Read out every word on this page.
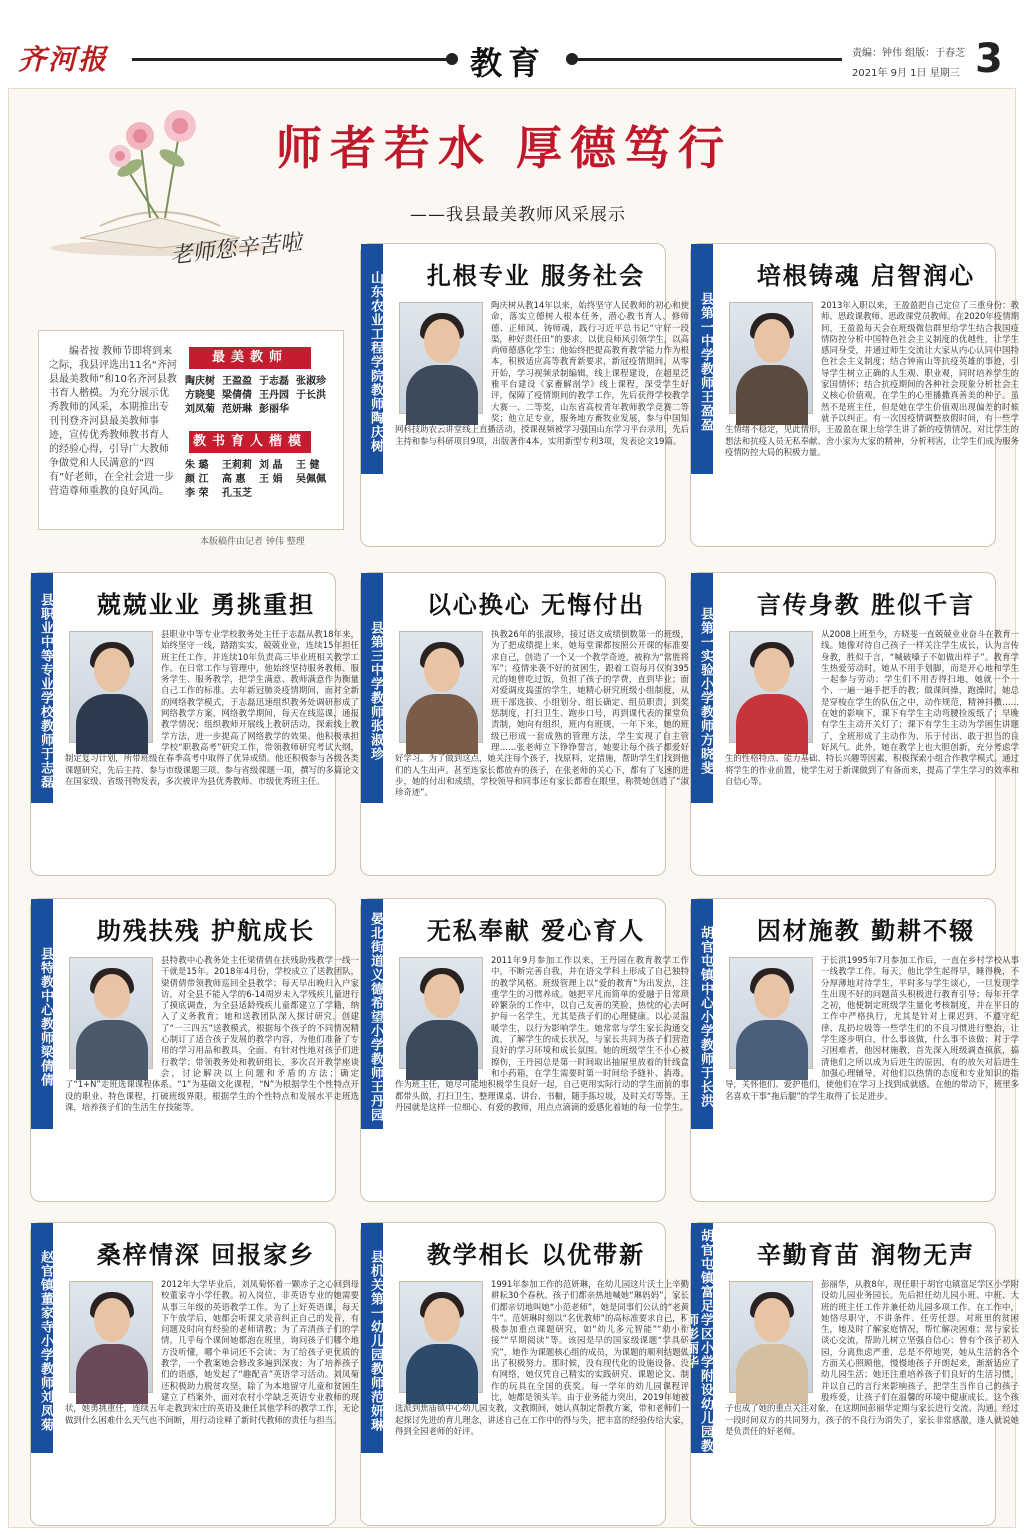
齐河报	教育	责编：钟伟 组版：于春芝
2021年 9月 1日 星期三 3
老师您辛苦啦
师者若水 厚德笃行
——我县最美教师风采展示
编者按 教师节即将到来之际，我县评选出11名“齐河县最美教师”和10名齐河县教书育人楷模。为充分展示优秀教师的风采，本期推出专刊刊登齐河县最美教师事迹，宣传优秀教师教书育人的经验心得，引导广大教师争做党和人民满意的“四有”好老师，在全社会进一步营造尊师重教的良好风尚。
最美教师
陶庆树 王盈盈 于志磊 张淑珍方晓斐 梁倩倩 王丹园 于长洪刘凤菊 范妍琳 彭丽华
教书育人楷模
朱 璐 王莉莉 刘 晶 王 健颜 江 高 惠 王 娟 吴佩佩李 荣 孔玉芝
本版稿件由记者 钟伟 整理
山东农业工程学院教师陶庆树	扎根专业 服务社会
陶庆树从教14年以来，始终坚守人民教师的初心和使命，落实立德树人根本任务，潜心教书育人，修师德、正师风、铸师魂，践行习近平总书记“守好一段渠，种好责任田”的要求，以优良师风引领学生，以高尚师德感化学生；他始终把提高教育教学能力作为根本，积极适应高等教育新要求，新冠疫情期间，从零开始，学习视频录制编辑，线上课程建设，在超星泛雅平台建设《家畜解剖学》线上课程，深受学生好评，保障了疫情期间的教学工作，先后获得学校教学大赛一、二等奖，山东省高校青年教师教学竞赛二等奖；他立足专业，服务地方畜牧业发展，参与中国知网科技助农云讲堂线上直播活动，授课视频被学习强国山东学习平台录用，先后主持和参与科研项目9项，出版著作4本，实用新型专利3项，发表论文19篇。
县第一中学教师王盈盈
培根铸魂 启智润心
2013年入职以来，王盈盈把自己定位了三重身份：教师、思政课教师、思政课党员教师。在2020年疫情期间，王盈盈每天会在班级微信群里给学生结合我国疫情防控分析中国特色社会主义制度的优越性，让学生感同身受，并通过师生交流让大家从内心认同中国特色社会主义制度；结合钟南山等抗疫英雄的事迹，引导学生树立正确的人生观、职业观，同时培养学生的家国情怀；结合抗疫期间的各种社会现象分析社会主义核心价值观，在学生的心里播撒真善美的种子。虽然不是班主任，但是她在学生价值观出现偏差的时候就予以纠正。有一次因疫情调整放假时间，有一些学生情绪不稳定，见此情形，王盈盈在课上给学生讲了新的疫情情况，对比学生的想法和抗疫人员无私奉献、舍小家为大家的精神，分析利害，让学生们成为服务疫情防控大局的积极力量。
县职业中等专业学校教师于志磊	兢兢业业 勇挑重担
县职业中等专业学校教务处主任于志磊从教18年来，始终坚守一线，踏踏实实，兢兢业业，连续15年担任班主任工作，并连续10年负责高三毕业班相关教学工作。在日常工作与管理中，他始终坚持服务教师、服务学生、服务教学，把学生满意、教师满意作为衡量自己工作的标准。去年新冠肺炎疫情期间，面对全新的网络教学模式，于志磊迅速组织教务处调研形成了网络教学方案，网络教学期间，每天在线巡课，通报教学情况；组织教师开展线上教研活动，探索线上教学方法，进一步提高了网络教学的效果。他积极承担学校“职教高考”研究工作，带领教师研究考试大纲，制定复习计划，所带班级在春季高考中取得了优异成绩。他还积极参与各级各类课题研究，先后主持、参与市级课题三项、参与省级课题一项，撰写的多篇论文在国家级、省级刊物发表，多次被评为县优秀教师、市级优秀班主任。
县第三中学教师张淑珍
以心换心 无悔付出
执教26年的张淑珍，接过语文成绩倒数第一的班级，为了把成绩提上来，她每堂课都按照公开课的标准要求自己，创造了一个又一个教学奇迹，被称为“常胜将军”；疫情来袭不好的贫困生，跟着工资每月仅有395元的她曾吃过饭，负担了孩子的学费，直到毕业；面对爱调皮捣蛋的学生，她精心研究班级小组制度，从班干部选拔、小组划分、组长确定、组员职责，到奖惩制度，打扫卫生、跑步口号，再到课代表的课堂负责制，她向有组织，班内有班规，一年下来，她的班级已形成一套成熟的管理方法，学生实现了自主管理……张老师立下铮铮誓言，她要让每个孩子都爱好好学习。为了做到这点，她关注每个孩子，找原料，定措施，帮助学生们找到他们的人生出声。甚至连家长都放弃的孩子，在张老师的关心下，都有了飞速的进步，她的付出和成绩，学校领导和同事还有家长都看在眼里，称赞她创造了“淑珍奇迹”。
县第一实验小学教师方晓斐
言传身教 胜似千言
从2008上班至今，方晓斐一直兢兢业业奋斗在教育一线。她像对待自己孩子一样关注学生成长，认为言传身教，胜似千言，“喊破嗓子不如做出样子”。教育学生热爱劳动时，她从不用手划脚，而是开心地和学生一起参与劳动；学生们不用否得扫地，她就一个一个、一遍一遍手把手的教；做课间操，跑操时，她总是穿梭在学生的队伍之中，动作规范，精神抖擞……在她的影响下，课下有学生主动弯腰捡废纸了；早晚有学生主动开关灯了；课下有学生主动为学困生讲题了，全班形成了主动作为、乐于付出、敢于担当的良好风气。此外，她在教学上也大胆创新，充分考虑学生的性格特点、能力基础、特长兴趣等因素，积极探索小组合作教学模式。通过将学生的作业前置，使学生对于新课做到了有备而来，提高了学生学习的效率和自信心等。
县特教中心教师梁倩倩
助残扶残 护航成长
县特教中心教务处主任梁倩倩在扶残助残教学一线一干就是15年。2018年4月份，学校成立了送教团队，梁倩倩带领教师巡回全县教学；每天早出晚归入户家访，对全县不能入学的6-14周岁未入学残疾儿童进行了摸底调查，为全县适龄残疾儿童都建立了学籍，纳入了义务教育；她和送教团队深入探讨研究，创建了“一三四五”送教模式，根据每个孩子的不同情况精心制订了适合孩子发展的教学内容，为他们准备了专用的学习用品和教具，全面、有针对性地对孩子们进行教学；带领教务处和教研组长，多次召开教学座谈会，讨论解决以上问题和矛盾的方法；确定了“1+N”走班选课课程体系。“1”为基础文化课程，“N”为根据学生个性特点开设的职业、特色课程，打破班级界限，根据学生的个性特点和发展水平走班选课，培养孩子们的生活生存技能等。	晏北街道义德希望小学教师王丹园	无私奉献 爱心育人
2011年9月参加工作以来，王丹园在教育教学工作中，不断完善自我，并在语文学科上形成了自己独特的教学风格。班级管理上以“爱的教育”为出发点，注重学生的习惯养成。她把平凡而简单的爱融于日常琐碎繁杂的工作中，以自己友善的笑脸，热忱的心去呵护每一名学生，尤其是孩子们的心理健康。以心灵温暖学生，以行为影响学生。她常常与学生家长沟通交流，了解学生的成长状况，与家长共同为孩子们营造良好的学习环境和成长氛围。她的班级学生不小心被擦伤，王丹园总是第一时间取出抽屉里放着的针线盒和小药箱，在学生需要时第一时间给予缝补、消毒。作为班主任，她尽可能地积极学生良好一起，自己更用实际行动的学生面前的事都带头做，打扫卫生、整理课桌、讲台、书橱，随手拣垃圾，及时关灯等等。王丹园就是这样一位细心、有爱的教师，用点点滴滴的爱感化着她的每一位学生。 胡官屯镇中心小学教师于长洪	因材施教 勤耕不辍
于长洪1995年7月参加工作后，一直在乡村学校从事一线教学工作。每天，他比学生起得早，睡得晚，不分厚薄地对待学生，平时多与学生谈心，一旦发现学生出现不好的问题苗头积极进行教育引导；每年开学之初，他便制定班级学生量化考核制度，并在平日的工作中严格执行，尤其是针对上课迟到、不遵守纪律、乱扔垃圾等一些学生们的不良习惯进行整治，让学生逐步明白，什么事该做，什么事不该做；对于学习困难者，他因材施教，首先深入班级调查摸底，搞清他们之所以成为后进生的原因，有的放矢对后进生加强心理辅导，对他们以热情的态度和专业知识的指导，关怀他们、爱护他们，使他们在学习上找到成就感。在他的带动下，班里多名喜欢干事“拖后腿”的学生取得了长足进步。
赵官镇董家寺小学教师刘凤菊	桑梓情深 回报家乡
2012年大学毕业后，刘凤菊怀着一颗赤子之心回到母校董家寺小学任教。初入岗位，非英语专业的她需要从事三年级的英语教学工作。为了上好英语课，每天下午放学后，她都会听课文录音纠正自己的发音，有问题及时向有经验的老师请教；为了弄清孩子们的学情，几乎每个课间她都泡在班里，询问孩子们哪个地方没听懂，哪个单词还不会读；为了给孩子更优质的教学，一个教案她会修改多遍到深夜；为了培养孩子们的语感，她发起了“趣配音”英语学习活动。刘凤菊还积极助力脱贫攻坚，除了为本地留守儿童和贫困生建立了档案外，面对农村小学缺乏英语专业教师的现状，她勇挑重任，连续五年走教到宋庄的英语及兼任其他学科的教学工作，无论做到什么困难什么天气也不间断，用行动诠释了新时代教师的责任与担当。	县机关第一幼儿园教师范妍琳	教学相长 以优带新
1991年参加工作的范妍琳，在幼儿园这片沃土上辛勤耕耘30个春秋。孩子们都亲热地喊她“琳妈妈”，家长们都亲切地叫她“小范老师”，她是同事们公认的“老黄牛”。范妍琳时刻以“名优教师”的高标准要求自己，积极参加重点课题研究，如“幼儿多元智能”“幼小衔接”“早期阅读”等。该园是早的国家级课题“学具研究”，她作为课题核心组的成员，为课题的顺利结题做出了积极努力。那时候，没有现代化的设施设备、没有网络，她仅凭自己精实的实践研究、课题论文、制作的玩具在全国的获奖。每一学年的幼儿园课程评比，她都是领头羊。由于业务能力突出，2019年她被选派到焦庙镇中心幼儿园支教，文教期间，她认真制定帮教方案，带和老师们一起探讨先进的育儿理念，讲述自己在工作中的得与失，把丰富的经验传给大家，得到全园老师的好评。	胡官屯镇富足学区小学附设幼儿园教师彭丽华
辛勤育苗 润物无声
彭丽华，从教8年，现任职于胡官屯镇富足学区小学附设幼儿园业务园长。先后担任幼儿园小班、中班、大班的班主任工作并兼任幼儿园多项工作。在工作中，她恪尽职守，不讲条件、任劳任怨。对班里的贫困生，她及时了解家庭情况，帮忙解决困难；常与家长谈心交流，帮助儿树立坚强自信心；曾有个孩子初入园，分离焦虑严重，总是不停地哭，她从生活的各个方面关心照顾他，慢慢地孩子开朗起来，渐渐适应了幼儿园生活；她还注重培养孩子们良好的生活习惯，并以自己的言行来影响孩子，把学生当作自己的孩子般疼爱，让孩子们在温馨的环境中健康成长。这个孩子也成了她的重点关注对象，在这期间彭丽华定期与家长进行交流、沟通。经过一段时间双方的共同努力，孩子的不良行为消失了，家长非常感激，逢人就说她是负责任的好老师。
